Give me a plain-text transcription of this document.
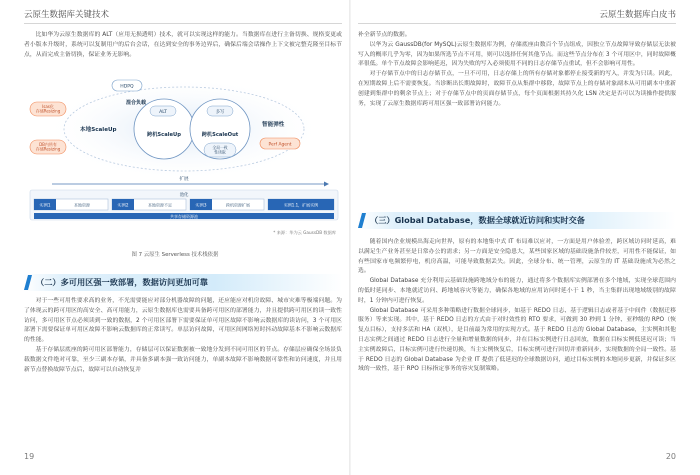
云原生数据库关键技术

比如华为云原生数据库的 ALT（应用无损透明）技术，就可以实现这样的能力。当数据库在进行主备切换、规格变更或者小版本升级时，系统可以复制用户的后台会话，在达到安全的事务边界后，确保后端会话操作上下文被完整克隆至目标节点，从而完成主备切换，保证业务无影响。

Isas化存储Resizing
DB内所有存储Resizing
本地ScaleUp
HDPQ
混合负载
ALT
跨机ScaleUp
多写
跨机ScaleOut
全局一致性读取
智能弹性
Perf Agent
扩展
池化
实例1	本地资源	实例2	本地资源不足	实例3	跨机资源扩展	实例1.1，扩展实例
共享存储资源池
* 来源：华为云 GaussDB 数据库
图 7 云原生 Serverless 技术栈依据
（二）多可用区强一致部署，数据访问更加可靠

对于一些可用性要求高的业务，不光需要能应对部分机器故障的问题，还应能应对机房故障、城市灾难等极端问题。为了体现云的跨可用区的高安全、高可用能力，云原生数据库也需要具备跨可用区的部署能力，并且提供跨可用区的读一致性访问，多可用区节点必须读到一致的数据，2 个可用区部署下需要保证单可用区故障不影响云数据库的读访问，3 个可用区部署下需要保证单可用区故障不影响云数据库的正常读写。单层访问故障，可用区间网络短时抖动故障基本不影响云数据库的性能。

基于存储层底座的跨可用区部署能力，存储层可以保证数据被一致地分发到不同可用区的节点。存储层应确保全场景负载数据文件绝对可靠，至少三副本存储，并具备多副本强一致访问能力，单副本故障不影响数据可靠性和访问速度，并且用新节点替换故障节点后，故障可以自动恢复并

19
云原生数据库白皮书

补全新节点的数据。

以华为云 GaussDB(for MySQL)云原生数据库为例，存储底座由数百个节点组成，因独立节点故障导致存储层无法被写入的概率几乎为零，因为如果所选节点不可用，则可以选择任何其他节点。而这些节点分布在 3 个可用区中，同时故障概率很低。单个节点故障会影响延迟，因为失败的写入必须使用不同的日志存储节点重试，但不会影响可用性。

对于存储节点中的日志存储节点，一旦不可用，日志存储上的所有存储对象都停止接受新的写入，并发为只读。因此，在短期故障上后不需要恢复。当诊断出长期故障时，故障节点从集群中移除，故障节点上的存储对象副本从可用副本中重新创建到集群中的剩余节点上；对于存储节点中的页面存储节点，每个页面根据其持久化 LSN 决定是否可以为读操作提供服务，实现了云原生数据库跨可用区强一致部署访问能力。

（三）Global Database，数据全球就近访问和实时交备

随着国内企业规模出海走向世界，原有的本地集中式 IT 布局难以应对，一方面是用户体验差，跨区域访问时延高，难以满足生产业务甚至是日常办公的需求；另一方面是安全隐患大，某些国家区域的基础设施条件较差，可用性不能保证，如有些国家市电频繁停电，机房高温，可能导致数据丢失。因此，全球分布、统一管理，云原生的 IT 基础设施成为必然之选。

Global Database 充分利用云基础设施跨地域分布的能力，通过将多个数据库实例部署在多个地域，实现全球范围内的低时延同步、本地就近访问、跨地域容灾等能力，确保各地域的应用访问时延小于 1 秒，当主集群出现地域级别的故障时，1 分钟内可进行恢复。

Global Database 可采用多种策略进行数据全球同步，如基于 REDO 日志、基于逻辑日志或者基于中间件（数据迁移服务）等来实现。其中，基于 REDO 日志的方式由于对时效性的 RTO 要求，可做到 30 秒到 1 分钟、亚秒级的 RPO（恢复点目标），支持多活和 HA（双机），是目前最为常用的实现方式。基于 REDO 日志的 Global Database，主实例和其他日志实例之间通过 REDO 日志进行全量和增量数据的同步，并在目标实例进行日志回放，数据在目标实例低延迟可读；当主实例故障后，目标实例可进行快速切换，当主实例恢复后，目标实例可进行回切并重新同步，实现数据的全局一致性。基于 REDO 日志的 Global Database 为企业 IT 提供了低延迟的全球数据访问，通过目标实例的本地同步更新，并保证多区域的一致性，基于 RPO 日标指定事务的容灾复制策略。

20
